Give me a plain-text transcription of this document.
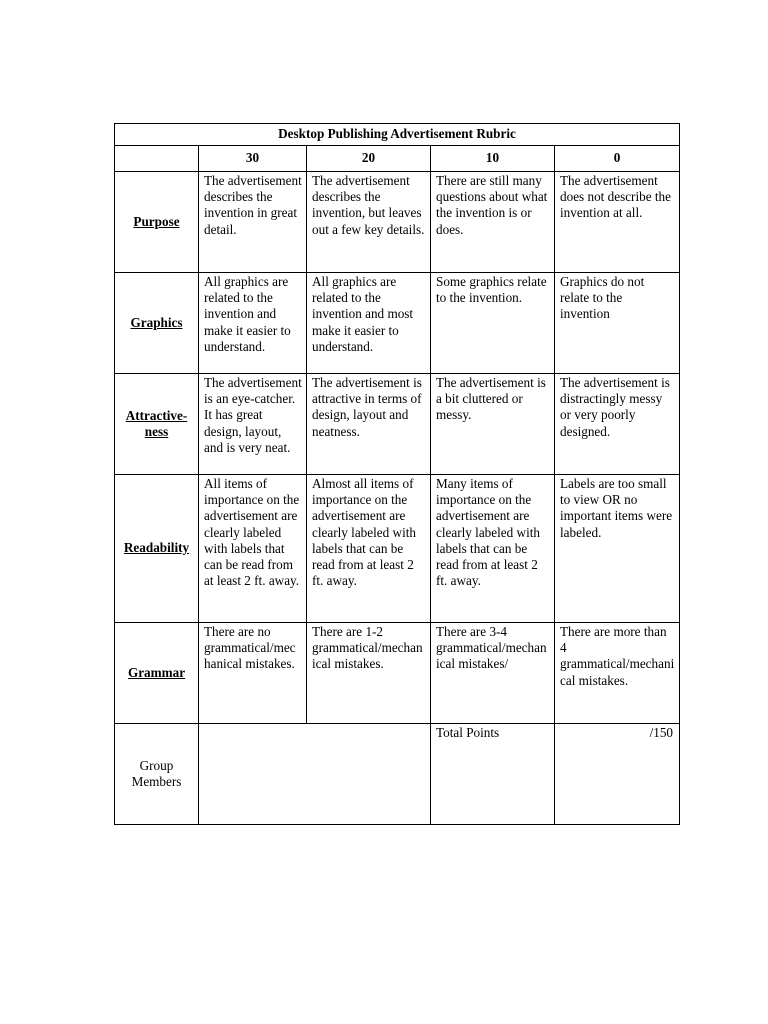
Desktop Publishing Advertisement Rubric				
	30	20	10	0
Purpose	The advertisement describes the invention in great detail.	The advertisement describes the invention, but leaves out a few key details.	There are still many questions about what the invention is or does.	The advertisement does not describe the invention at all.
Graphics	All graphics are related to the invention and make it easier to understand.	All graphics are related to the invention and most make it easier to understand.	Some graphics relate to the invention.	Graphics do not relate to the invention
Attractive-ness	The advertisement is an eye-catcher. It has great design, layout, and is very neat.	The advertisement is attractive in terms of design, layout and neatness.	The advertisement is a bit cluttered or messy.	The advertisement is distractingly messy or very poorly designed.
Readability	All items of importance on the advertisement are clearly labeled with labels that can be read from at least 2 ft. away.	Almost all items of importance on the advertisement are clearly labeled with labels that can be read from at least 2 ft. away.	Many items of importance on the advertisement are clearly labeled with labels that can be read from at least 2 ft. away.	Labels are too small to view OR no important items were labeled.
Grammar	There are no grammatical/mechanical mistakes.	There are 1-2 grammatical/mechanical mistakes.	There are 3-4 grammatical/mechanical mistakes/	There are more than 4 grammatical/mechanical mistakes.
Group Members			Total Points	/150
